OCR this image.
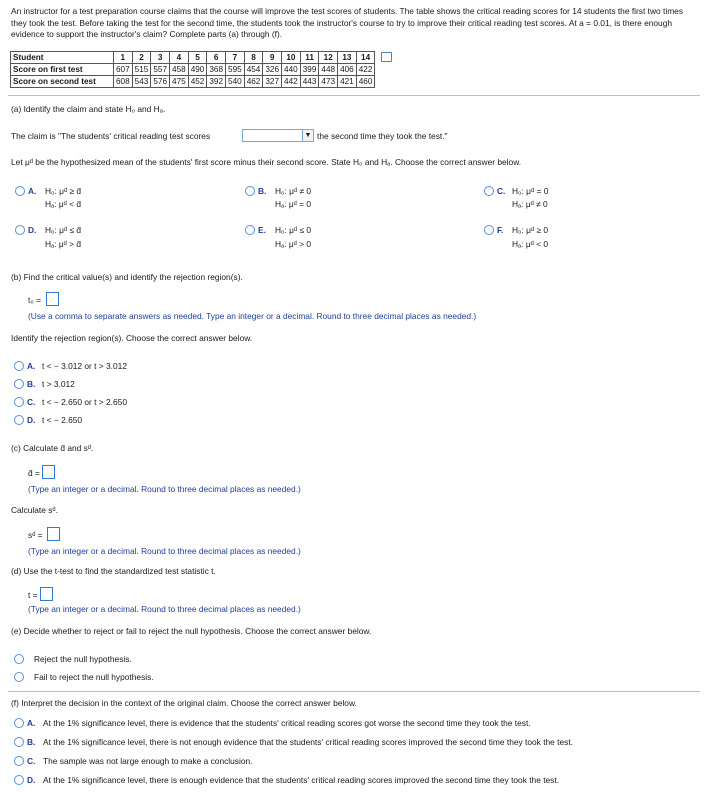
An instructor for a test preparation course claims that the course will improve the test scores of students. The table shows the critical reading scores for 14 students the first two times they took the test. Before taking the test for the second time, the students took the instructor's course to try to improve their critical reading test scores. At a = 0.01, is there enough evidence to support the instructor's claim? Complete parts (a) through (f).
Student	1	2	3	4	5	6	7	8	9	10	11	12	13	14
Score on first test	607	515	557	458	490	368	595	454	326	440	399	448	406	422
Score on second test	608	543	576	475	452	392	540	462	327	442	443	473	421	460
(a) Identify the claim and state H₀ and Hₐ.
The claim is "The students' critical reading test scores	▼ the second time they took the test."
Let μᵈ be the hypothesized mean of the students' first score minus their second score. State H₀ and Hₐ. Choose the correct answer below.
A. H₀: μᵈ ≥ d̄
Hₐ: μᵈ < d̄
B. H₀: μᵈ ≠ 0
Hₐ: μᵈ = 0
C. H₀: μᵈ = 0
Hₐ: μᵈ ≠ 0
D. H₀: μᵈ ≤ d̄
Hₐ: μᵈ > d̄
E. H₀: μᵈ ≤ 0
Hₐ: μᵈ > 0
F. H₀: μᵈ ≥ 0
Hₐ: μᵈ < 0
(b) Find the critical value(s) and identify the rejection region(s).
t₀ =
(Use a comma to separate answers as needed. Type an integer or a decimal. Round to three decimal places as needed.)
Identify the rejection region(s). Choose the correct answer below.
A. t < − 3.012 or t > 3.012
B. t > 3.012
C. t < − 2.650 or t > 2.650
D. t < − 2.650
(c) Calculate d̄ and sᵈ.
d̄ =
(Type an integer or a decimal. Round to three decimal places as needed.)
Calculate sᵈ.
sᵈ =
(Type an integer or a decimal. Round to three decimal places as needed.)
(d) Use the t-test to find the standardized test statistic t.
t =
(Type an integer or a decimal. Round to three decimal places as needed.)
(e) Decide whether to reject or fail to reject the null hypothesis. Choose the correct answer below.
Reject the null hypothesis.
Fail to reject the null hypothesis.
(f) Interpret the decision in the context of the original claim. Choose the correct answer below.
A. At the 1% significance level, there is evidence that the students' critical reading scores got worse the second time they took the test.
B. At the 1% significance level, there is not enough evidence that the students' critical reading scores improved the second time they took the test.
C. The sample was not large enough to make a conclusion.
D. At the 1% significance level, there is enough evidence that the students' critical reading scores improved the second time they took the test.
